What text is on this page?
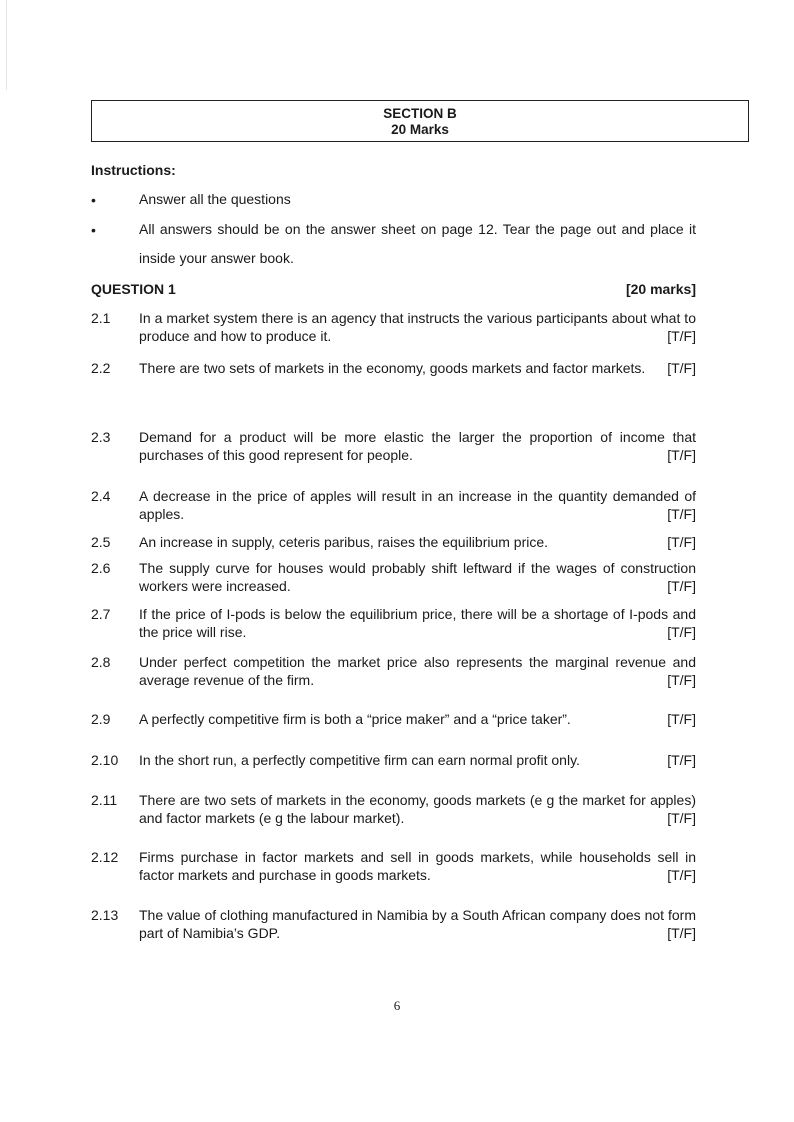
SECTION B
20 Marks
Instructions:
•	Answer all the questions
•	All answers should be on the answer sheet on page 12. Tear the page out and place it inside your answer book.
QUESTION 1	[20 marks]
2.1	In a market system there is an agency that instructs the various participants about what to produce and how to produce it.	[T/F]
2.2	There are two sets of markets in the economy, goods markets and factor markets. [T/F]
2.3	Demand for a product will be more elastic the larger the proportion of income that purchases of this good represent for people.	[T/F]
2.4	A decrease in the price of apples will result in an increase in the quantity demanded of apples.	[T/F]
2.5	An increase in supply, ceteris paribus, raises the equilibrium price.	[T/F]
2.6	The supply curve for houses would probably shift leftward if the wages of construction workers were increased.	[T/F]
2.7	If the price of I-pods is below the equilibrium price, there will be a shortage of I-pods and the price will rise.	[T/F]
2.8	Under perfect competition the market price also represents the marginal revenue and average revenue of the firm.	[T/F]
2.9	A perfectly competitive firm is both a “price maker” and a “price taker”.	[T/F]
2.10	In the short run, a perfectly competitive firm can earn normal profit only.	[T/F]
2.11	There are two sets of markets in the economy, goods markets (e g the market for apples) and factor markets (e g the labour market).	[T/F]
2.12	Firms purchase in factor markets and sell in goods markets, while households sell in factor markets and purchase in goods markets.	[T/F]
2.13	The value of clothing manufactured in Namibia by a South African company does not form part of Namibia’s GDP.	[T/F]
6
